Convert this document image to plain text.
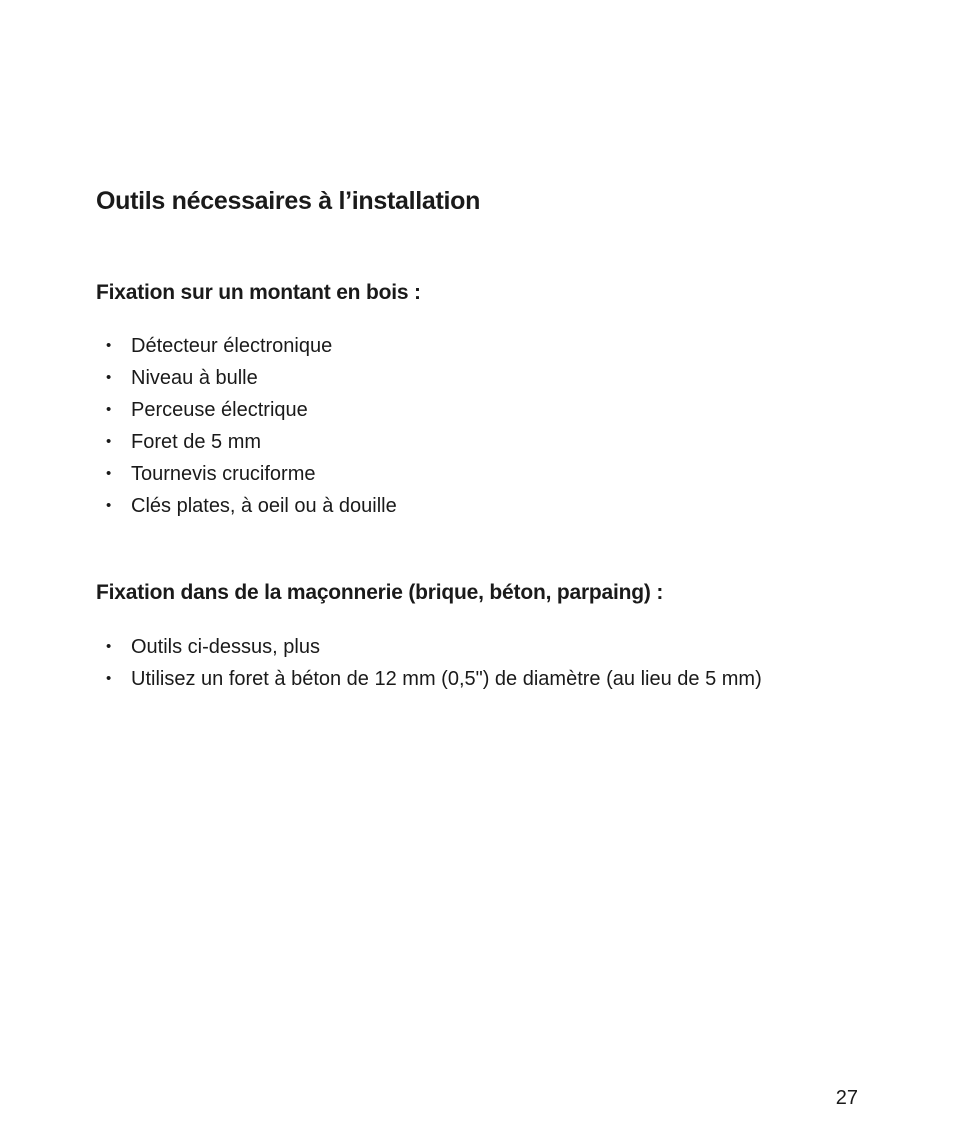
Outils nécessaires à l’installation
Fixation sur un montant en bois :
• Détecteur électronique
• Niveau à bulle
• Perceuse électrique
• Foret de 5 mm
• Tournevis cruciforme
• Clés plates, à oeil ou à douille
Fixation dans de la maçonnerie (brique, béton, parpaing) :
• Outils ci-dessus, plus
• Utilisez un foret à béton de 12 mm (0,5") de diamètre (au lieu de 5 mm)
27
